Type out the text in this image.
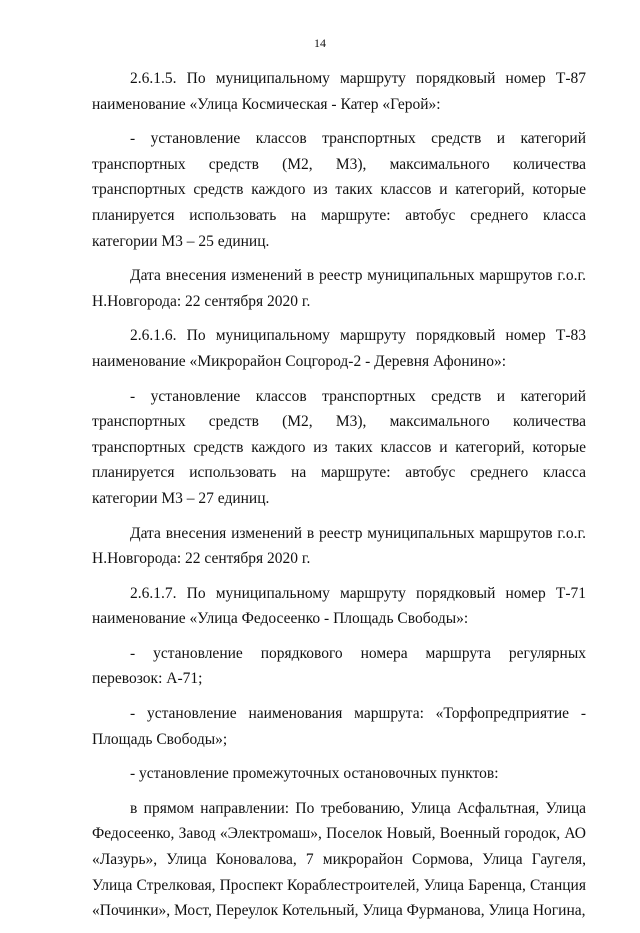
14

2.6.1.5. По муниципальному маршруту порядковый номер Т-87 наименование «Улица Космическая - Катер «Герой»:

- установление классов транспортных средств и категорий транспортных средств (М2, М3), максимального количества транспортных средств каждого из таких классов и категорий, которые планируется использовать на маршруте: автобус среднего класса категории М3 – 25 единиц.

Дата внесения изменений в реестр муниципальных маршрутов г.о.г. Н.Новгорода: 22 сентября 2020 г.

2.6.1.6. По муниципальному маршруту порядковый номер Т-83 наименование «Микрорайон Соцгород-2 - Деревня Афонино»:

- установление классов транспортных средств и категорий транспортных средств (М2, М3), максимального количества транспортных средств каждого из таких классов и категорий, которые планируется использовать на маршруте: автобус среднего класса категории М3 – 27 единиц.

Дата внесения изменений в реестр муниципальных маршрутов г.о.г. Н.Новгорода: 22 сентября 2020 г.

2.6.1.7. По муниципальному маршруту порядковый номер Т-71 наименование «Улица Федосеенко - Площадь Свободы»:

- установление порядкового номера маршрута регулярных перевозок: А-71;

- установление наименования маршрута: «Торфопредприятие - Площадь Свободы»;

- установление промежуточных остановочных пунктов:

в прямом направлении: По требованию, Улица Асфальтная, Улица Федосеенко, Завод «Электромаш», Поселок Новый, Военный городок, АО «Лазурь», Улица Коновалова, 7 микрорайон Сормова, Улица Гаугеля, Улица Стрелковая, Проспект Кораблестроителей, Улица Баренца, Станция «Починки», Мост, Переулок Котельный, Улица Фурманова, Улица Ногина,
